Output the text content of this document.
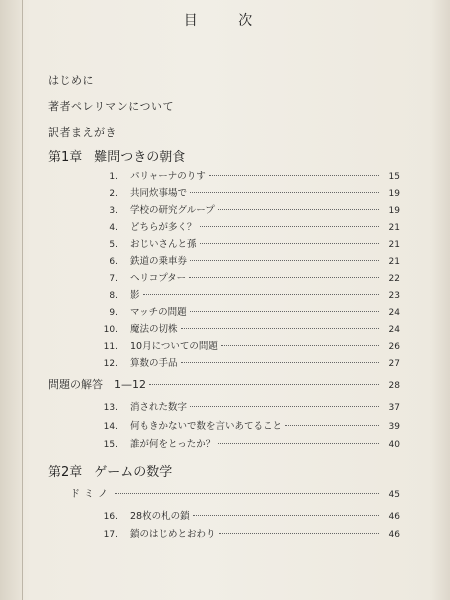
目 次
はじめに
著者ペレリマンについて
訳者まえがき
第1章 難問つきの朝食
1. パリャーナのりす	15
2. 共同炊事場で	19
3. 学校の研究グループ	19
4. どちらが多く？	21
5. おじいさんと孫	21
6. 鉄道の乗車券	21
7. ヘリコプター	22
8. 影	23
9. マッチの問題	24
10. 魔法の切株	24
11. 10月についての問題	26
12. 算数の手品	27
問題の解答　1—12	28
13. 消された数字	37
14. 何もきかないで数を言いあてること	39
15. 誰が何をとったか？	40
第2章 ゲームの数学
ドミノ	45
16. 28枚の札の鎖	46
17. 鎖のはじめとおわり	46
